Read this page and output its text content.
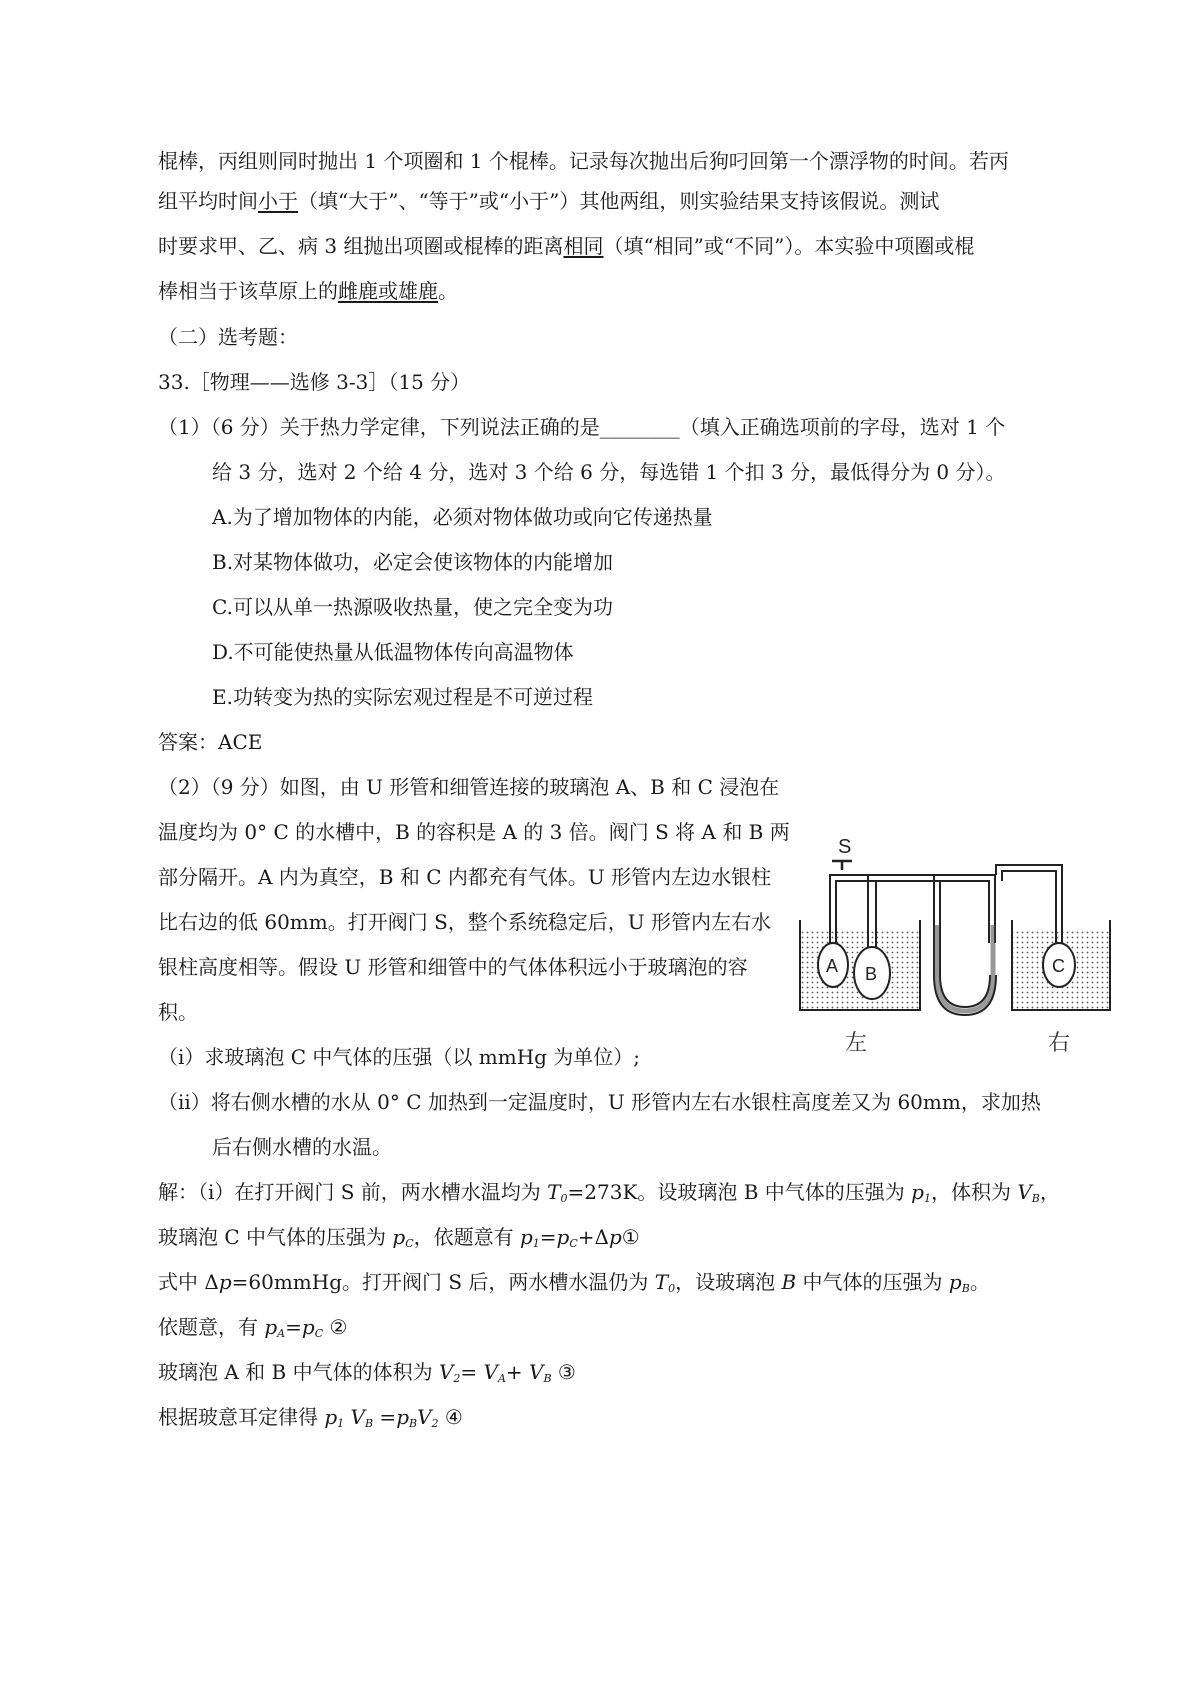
棍棒，丙组则同时抛出 1 个项圈和 1 个棍棒。记录每次抛出后狗叼回第一个漂浮物的时间。若丙
组平均时间小于（填“大于”、“等于”或“小于”）其他两组，则实验结果支持该假说。测试
时要求甲、乙、病 3 组抛出项圈或棍棒的距离相同（填“相同”或“不同”）。本实验中项圈或棍
棒相当于该草原上的雌鹿或雄鹿。
（二）选考题：
33.［物理——选修 3-3］（15 分）
（1）（6 分）关于热力学定律，下列说法正确的是________（填入正确选项前的字母，选对 1 个
给 3 分，选对 2 个给 4 分，选对 3 个给 6 分，每选错 1 个扣 3 分，最低得分为 0 分）。
A.为了增加物体的内能，必须对物体做功或向它传递热量
B.对某物体做功，必定会使该物体的内能增加
C.可以从单一热源吸收热量，使之完全变为功
D.不可能使热量从低温物体传向高温物体
E.功转变为热的实际宏观过程是不可逆过程
答案：ACE
（2）（9 分）如图，由 U 形管和细管连接的玻璃泡 A、B 和 C 浸泡在
温度均为 0° C 的水槽中，B 的容积是 A 的 3 倍。阀门 S 将 A 和 B 两
部分隔开。A 内为真空，B 和 C 内都充有气体。U 形管内左边水银柱
比右边的低 60mm。打开阀门 S，整个系统稳定后，U 形管内左右水
银柱高度相等。假设 U 形管和细管中的气体体积远小于玻璃泡的容
积。
S
A B	C
左	右
（i）求玻璃泡 C 中气体的压强（以 mmHg 为单位）;
（ii）将右侧水槽的水从 0° C 加热到一定温度时，U 形管内左右水银柱高度差又为 60mm，求加热
后右侧水槽的水温。
解：（i）在打开阀门 S 前，两水槽水温均为 $T_0=273K$。设玻璃泡 B 中气体的压强为 $p_1$，体积为 $V_B$，
玻璃泡 C 中气体的压强为 $p_C$，依题意有 $p_1=p_C+\Delta p①$
式中 Δp=60mmHg。打开阀门 S 后，两水槽水温仍为 $T_0$，设玻璃泡 B 中气体的压强为 $p_B$。
依题意，有 $p_A=p_C$ ②
玻璃泡 A 和 B 中气体的体积为 $V_2= V_A+ V_B$ ③
根据玻意耳定律得 $p_1$ $V_B =p_BV_2$ ④
